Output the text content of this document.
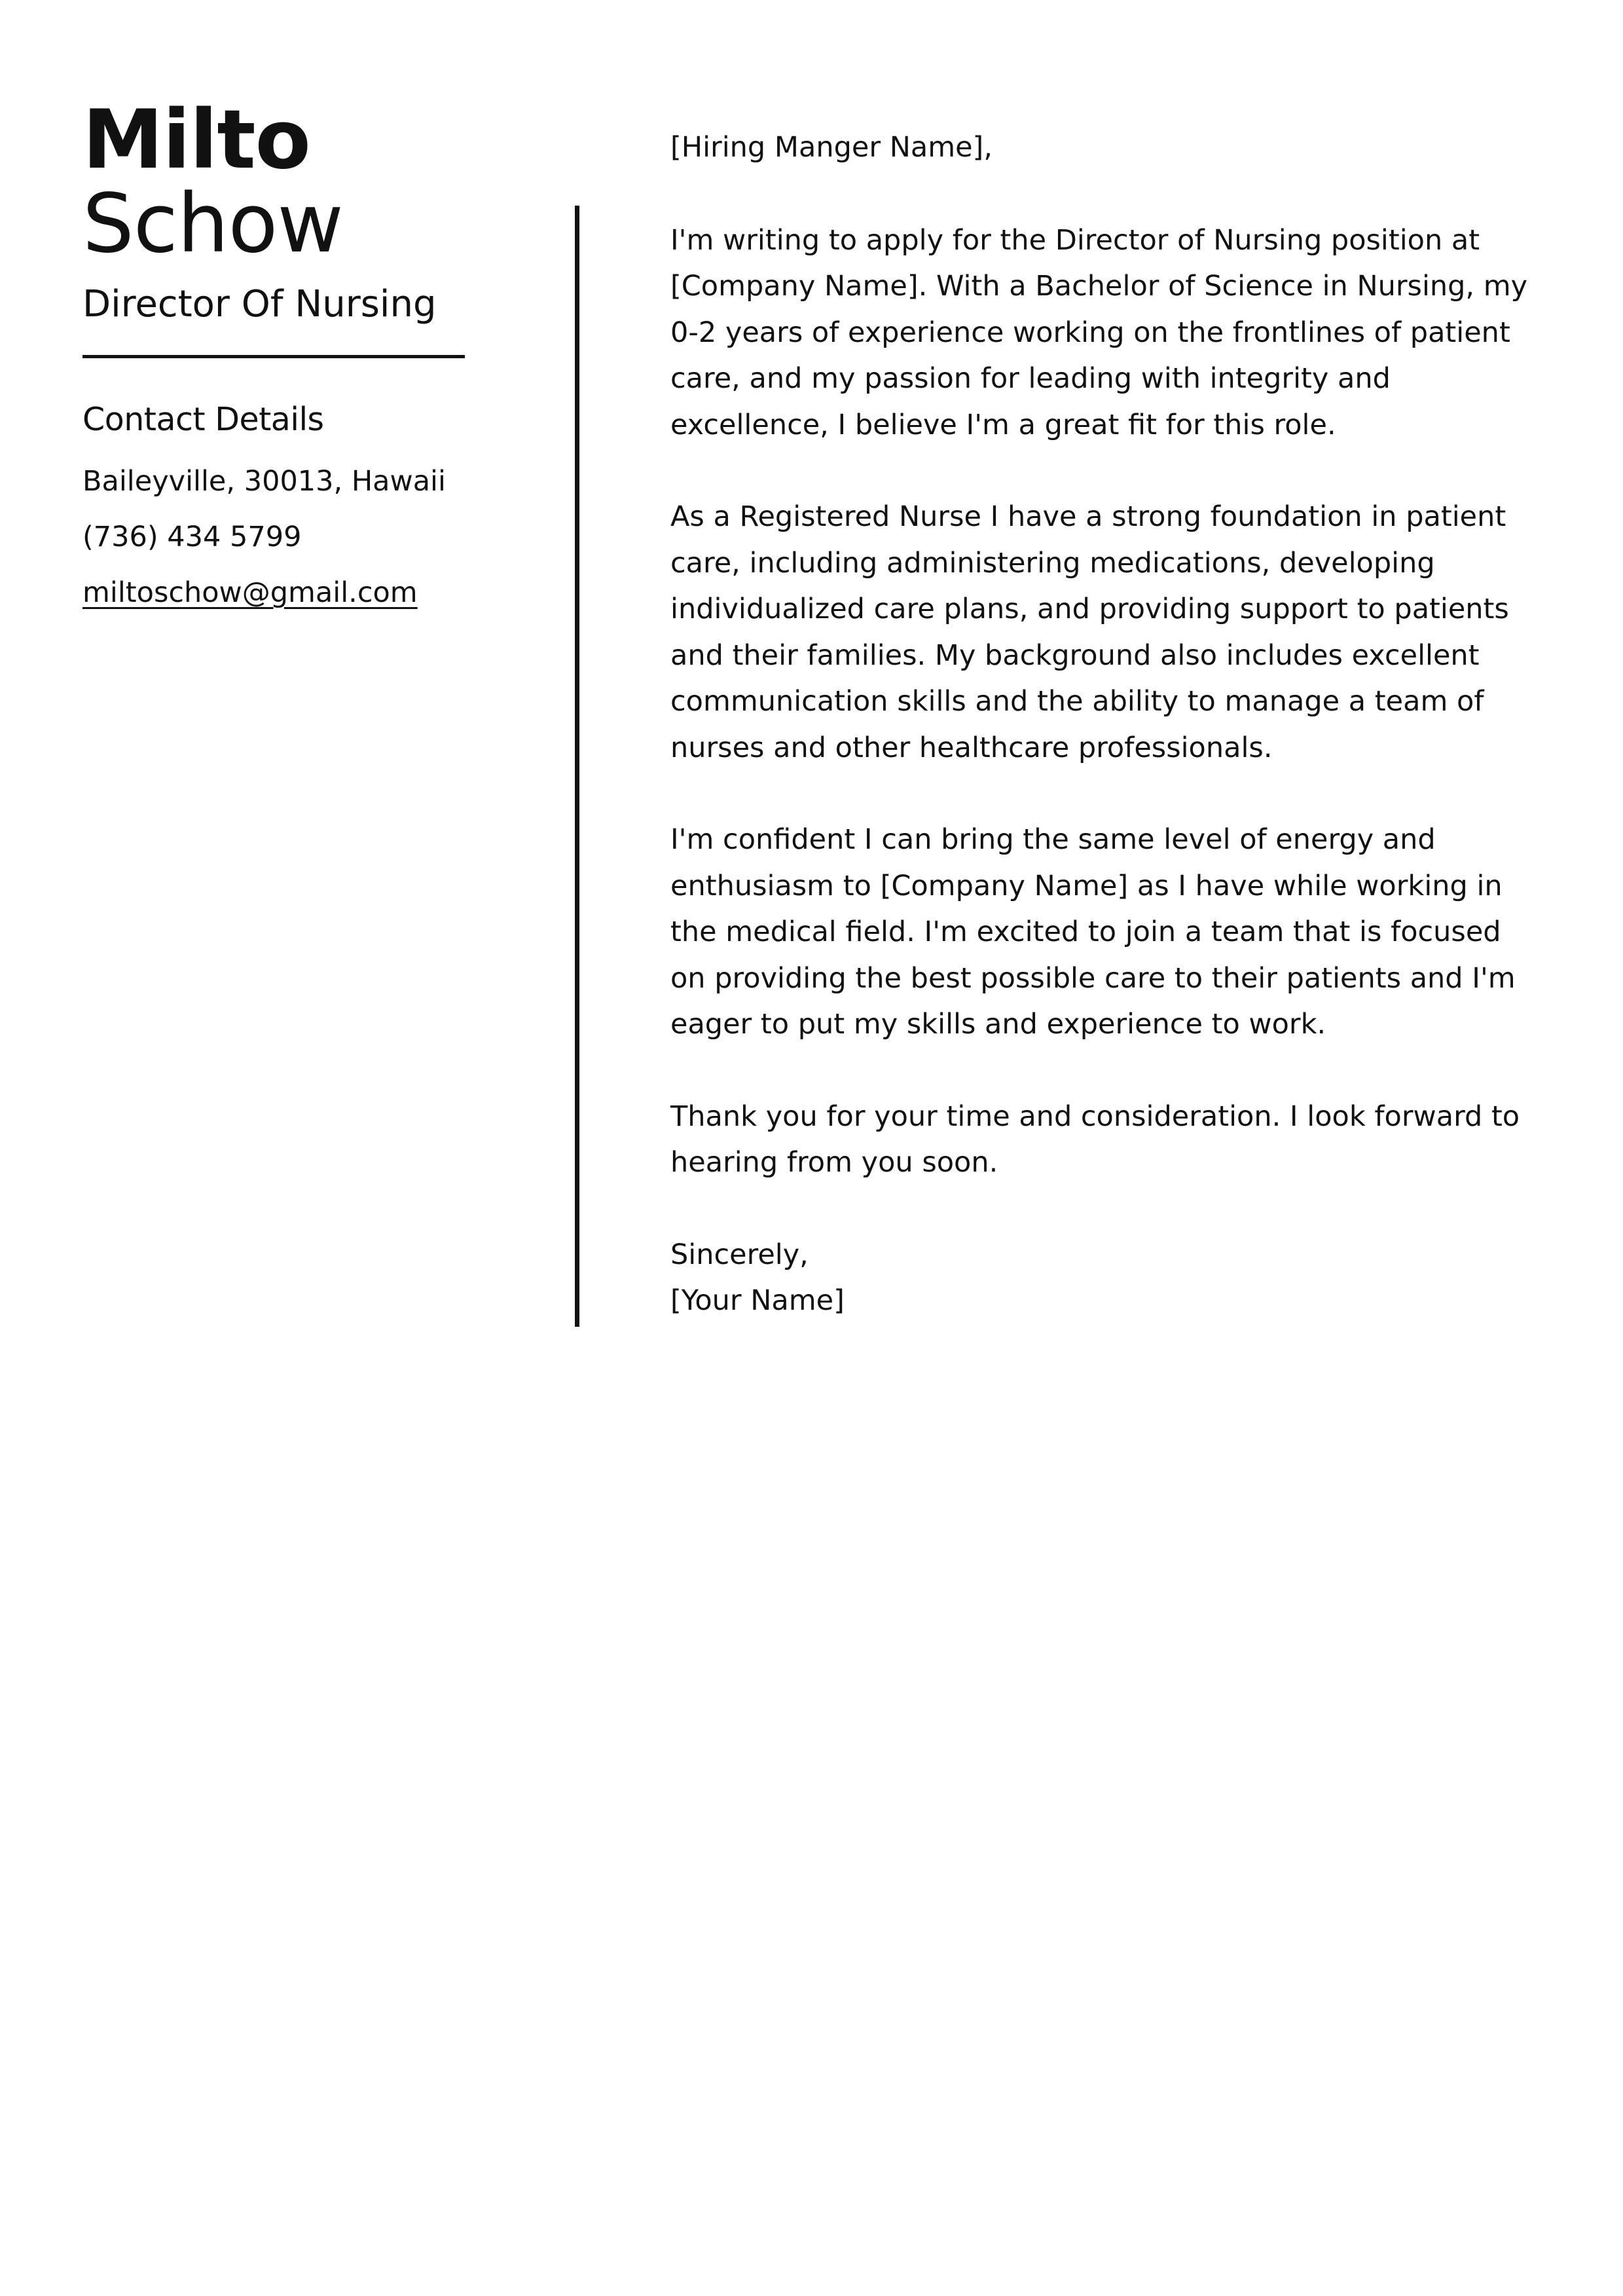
Milto
Schow
Director Of Nursing
Contact Details
Baileyville, 30013, Hawaii
(736) 434 5799
miltoschow@gmail.com

[Hiring Manger Name],

I'm writing to apply for the Director of Nursing position at [Company Name]. With a Bachelor of Science in Nursing, my 0-2 years of experience working on the frontlines of patient care, and my passion for leading with integrity and excellence, I believe I'm a great fit for this role.

As a Registered Nurse I have a strong foundation in patient care, including administering medications, developing individualized care plans, and providing support to patients and their families. My background also includes excellent communication skills and the ability to manage a team of nurses and other healthcare professionals.

I'm confident I can bring the same level of energy and enthusiasm to [Company Name] as I have while working in the medical field. I'm excited to join a team that is focused on providing the best possible care to their patients and I'm eager to put my skills and experience to work.

Thank you for your time and consideration. I look forward to hearing from you soon.

Sincerely,
[Your Name]
